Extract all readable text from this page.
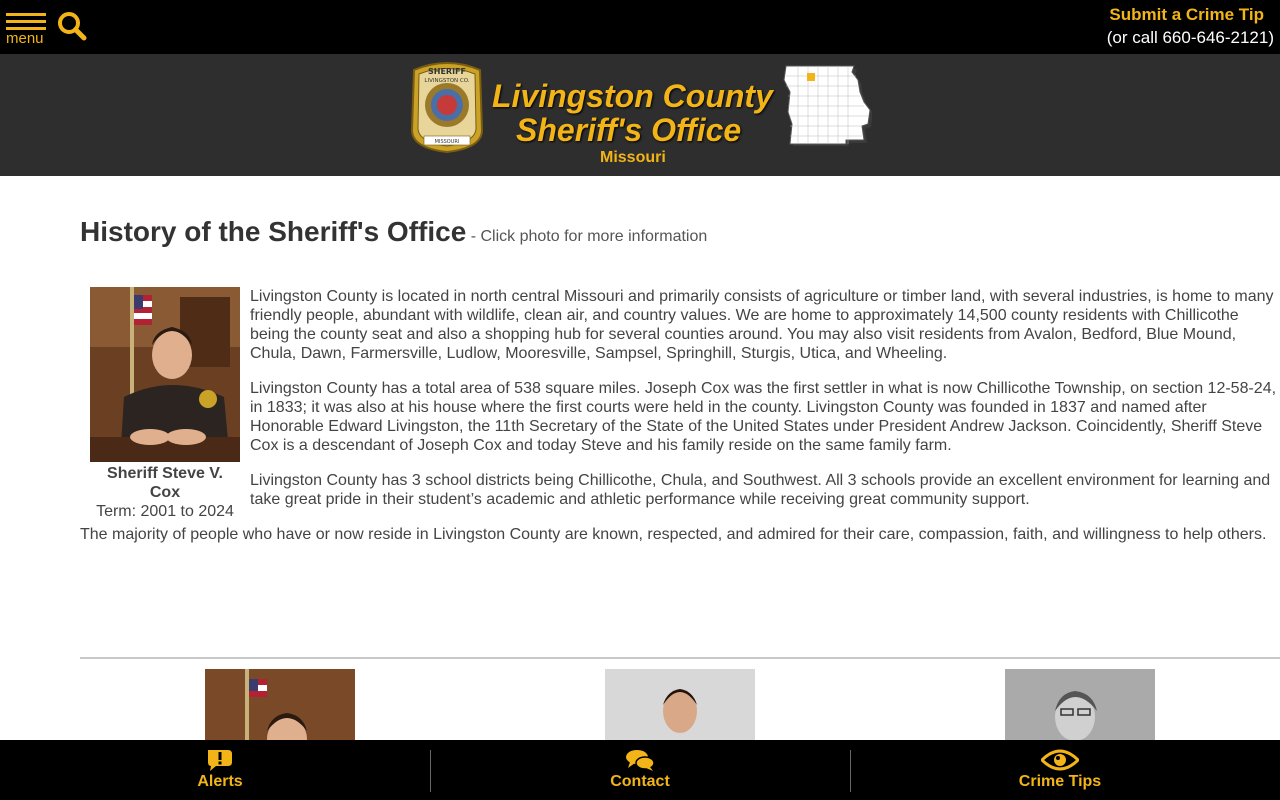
menu
Submit a Crime Tip
(or call 660-646-2121)
SHERIFF
LIVINGSTON CO.
MISSOURI
Livingston County
Sheriff's Office
Missouri
History of the Sheriff's Office - Click photo for more information
Sheriff Steve V. Cox
Term: 2001 to 2024

Livingston County is located in north central Missouri and primarily consists of agriculture or timber land, with several industries, is home to many friendly people, abundant with wildlife, clean air, and country values. We are home to approximately 14,500 county residents with Chillicothe being the county seat and also a shopping hub for several counties around. You may also visit residents from Avalon, Bedford, Blue Mound, Chula, Dawn, Farmersville, Ludlow, Mooresville, Sampsel, Springhill, Sturgis, Utica, and Wheeling.

Livingston County has a total area of 538 square miles. Joseph Cox was the first settler in what is now Chillicothe Township, on section 12-58-24, in 1833; it was also at his house where the first courts were held in the county. Livingston County was founded in 1837 and named after Honorable Edward Livingston, the 11th Secretary of the State of the United States under President Andrew Jackson. Coincidently, Sheriff Steve Cox is a descendant of Joseph Cox and today Steve and his family reside on the same family farm.

Livingston County has 3 school districts being Chillicothe, Chula, and Southwest. All 3 schools provide an excellent environment for learning and take great pride in their student’s academic and athletic performance while receiving great community support.

The majority of people who have or now reside in Livingston County are known, respected, and admired for their care, compassion, faith, and willingness to help others.

Alerts	Contact	Crime Tips
